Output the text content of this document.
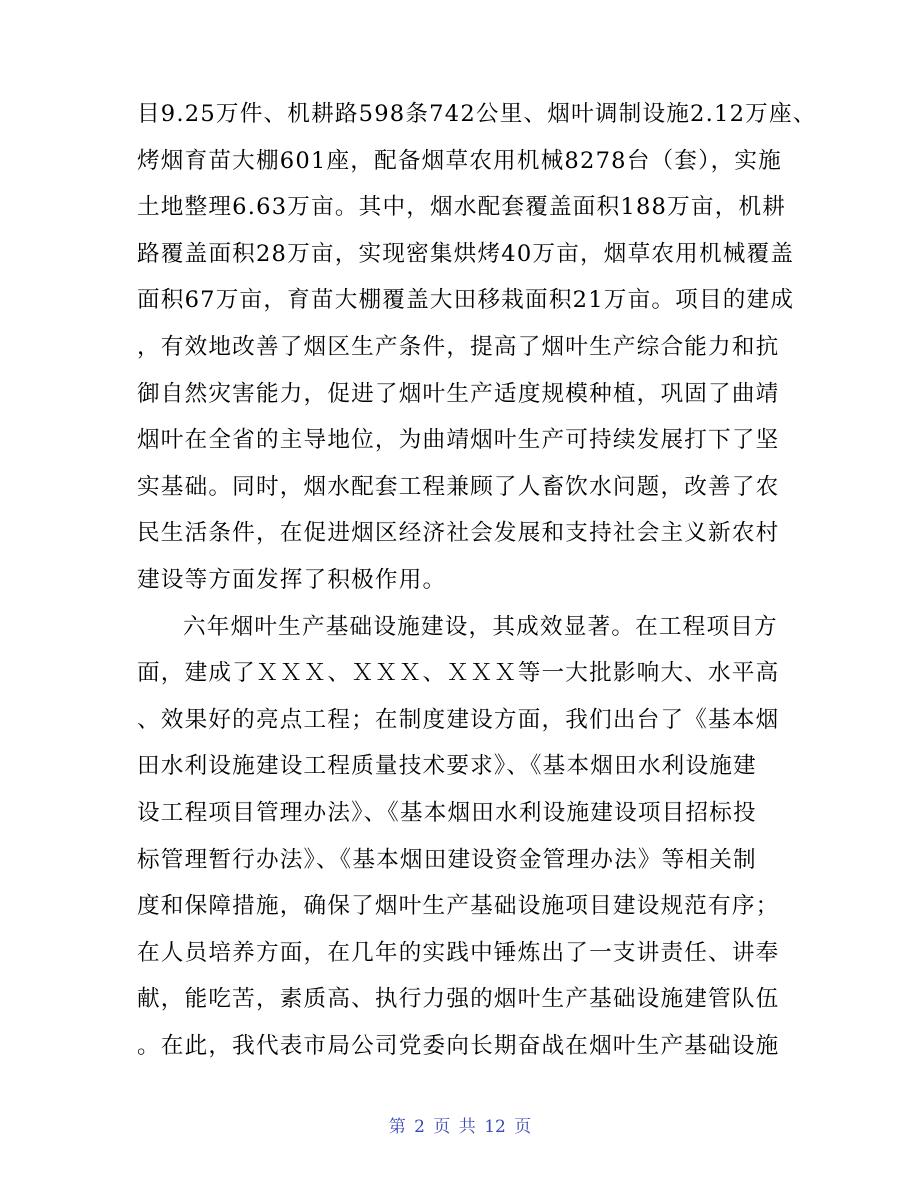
目9.25万件、机耕路598条742公里、烟叶调制设施2.12万座、
烤烟育苗大棚601座，配备烟草农用机械8278台（套），实施
土地整理6.63万亩。其中，烟水配套覆盖面积188万亩，机耕
路覆盖面积28万亩，实现密集烘烤40万亩，烟草农用机械覆盖
面积67万亩，育苗大棚覆盖大田移栽面积21万亩。项目的建成
，有效地改善了烟区生产条件，提高了烟叶生产综合能力和抗
御自然灾害能力，促进了烟叶生产适度规模种植，巩固了曲靖
烟叶在全省的主导地位，为曲靖烟叶生产可持续发展打下了坚
实基础。同时，烟水配套工程兼顾了人畜饮水问题，改善了农
民生活条件，在促进烟区经济社会发展和支持社会主义新农村
建设等方面发挥了积极作用。
六年烟叶生产基础设施建设，其成效显著。在工程项目方
面，建成了ＸＸＸ、ＸＸＸ、ＸＸＸ等一大批影响大、水平高
、效果好的亮点工程；在制度建设方面，我们出台了《基本烟
田水利设施建设工程质量技术要求》、《基本烟田水利设施建
设工程项目管理办法》、《基本烟田水利设施建设项目招标投
标管理暂行办法》、《基本烟田建设资金管理办法》等相关制
度和保障措施，确保了烟叶生产基础设施项目建设规范有序；
在人员培养方面，在几年的实践中锤炼出了一支讲责任、讲奉
献，能吃苦，素质高、执行力强的烟叶生产基础设施建管队伍
。在此，我代表市局公司党委向长期奋战在烟叶生产基础设施
第 2 页 共 12 页
